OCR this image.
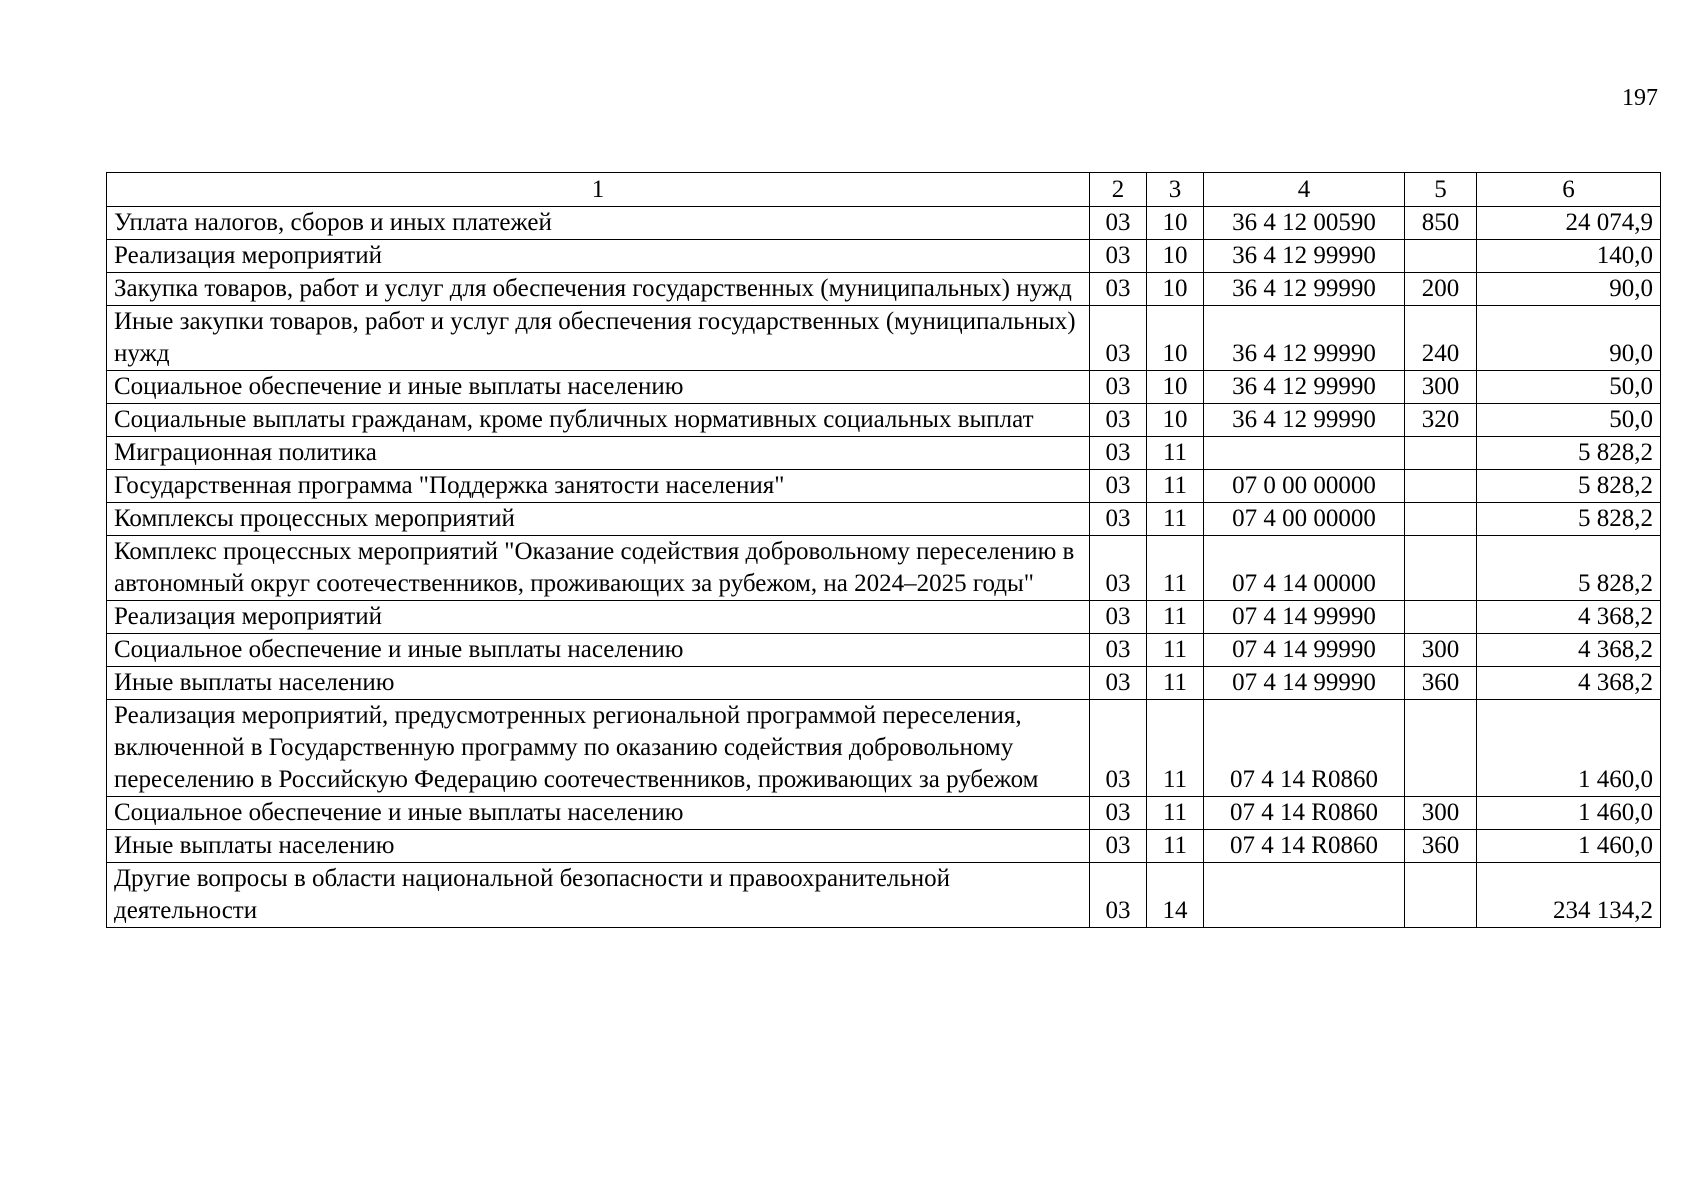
197
1	2	3	4	5	6
Уплата налогов, сборов и иных платежей	03	10	36 4 12 00590	850	24 074,9
Реализация мероприятий	03	10	36 4 12 99990		140,0
Закупка товаров, работ и услуг для обеспечения государственных (муниципальных) нужд	03	10	36 4 12 99990	200	90,0
Иные закупки товаров, работ и услуг для обеспечения государственных (муниципальных) нужд	03	10	36 4 12 99990	240	90,0
Социальное обеспечение и иные выплаты населению	03	10	36 4 12 99990	300	50,0
Социальные выплаты гражданам, кроме публичных нормативных социальных выплат	03	10	36 4 12 99990	320	50,0
Миграционная политика	03	11			5 828,2
Государственная программа "Поддержка занятости населения"	03	11	07 0 00 00000		5 828,2
Комплексы процессных мероприятий	03	11	07 4 00 00000		5 828,2
Комплекс процессных мероприятий "Оказание содействия добровольному переселению в автономный округ соотечественников, проживающих за рубежом, на 2024–2025 годы"	03	11	07 4 14 00000		5 828,2
Реализация мероприятий	03	11	07 4 14 99990		4 368,2
Социальное обеспечение и иные выплаты населению	03	11	07 4 14 99990	300	4 368,2
Иные выплаты населению	03	11	07 4 14 99990	360	4 368,2
Реализация мероприятий, предусмотренных региональной программой переселения, включенной в Государственную программу по оказанию содействия добровольному переселению в Российскую Федерацию соотечественников, проживающих за рубежом	03	11	07 4 14 R0860		1 460,0
Социальное обеспечение и иные выплаты населению	03	11	07 4 14 R0860	300	1 460,0
Иные выплаты населению	03	11	07 4 14 R0860	360	1 460,0
Другие вопросы в области национальной безопасности и правоохранительной деятельности	03	14			234 134,2
